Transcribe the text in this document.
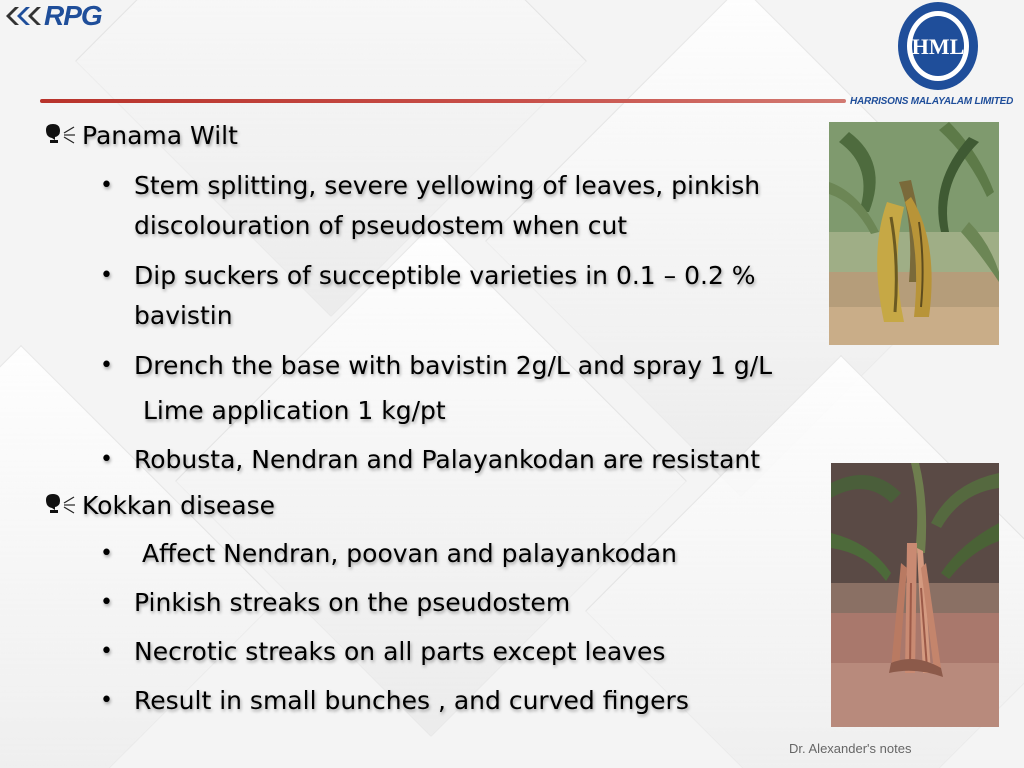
RPG
HML
HARRISONS MALAYALAM LIMITED
Panama Wilt
• Stem splitting, severe yellowing of leaves, pinkish discolouration of pseudostem when cut
• Dip suckers of succeptible varieties in 0.1 – 0.2 % bavistin
• Drench the base with bavistin 2g/L and spray 1 g/L
Lime application 1 kg/pt
• Robusta, Nendran and Palayankodan are resistant
Kokkan disease
• Affect Nendran, poovan and palayankodan
• Pinkish streaks on the pseudostem
• Necrotic streaks on all parts except leaves
• Result in small bunches , and curved fingers
Dr. Alexander's notes
